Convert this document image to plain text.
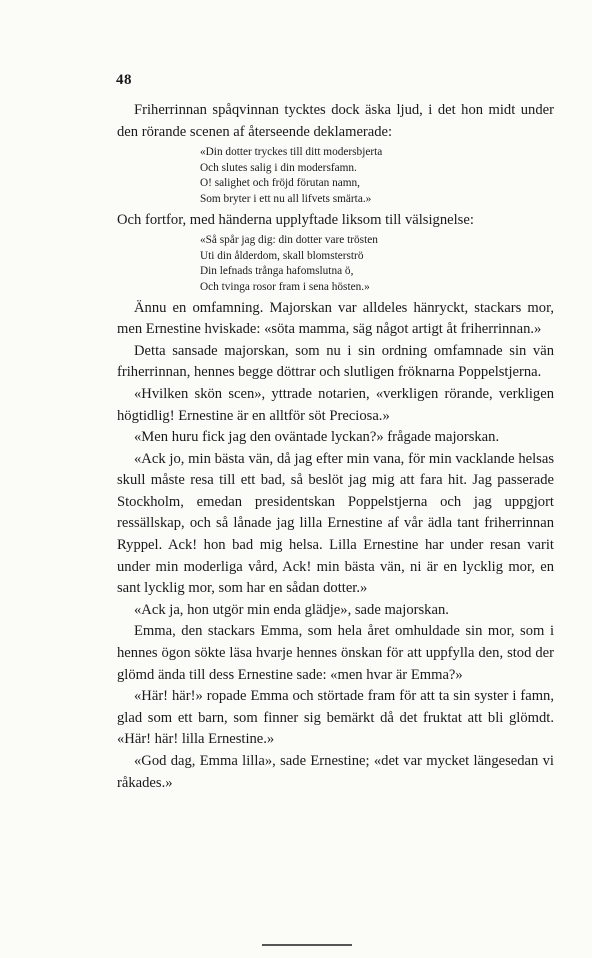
48

Friherrinnan spåqvinnan tycktes dock äska ljud, i det hon midt under den rörande scenen af återseende deklamerade:

«Din dotter tryckes till ditt modersbjerta
Och slutes salig i din modersfamn.
O! salighet och fröjd förutan namn,
Som bryter i ett nu all lifvets smärta.»

Och fortfor, med händerna upplyftade liksom till välsignelse:

«Så spår jag dig: din dotter vare trösten
Uti din ålderdom, skall blomsterströ
Din lefnads trånga hafomslutna ö,
Och tvinga rosor fram i sena hösten.»

Ännu en omfamning. Majorskan var alldeles hänryckt, stackars mor, men Ernestine hviskade: «söta mamma, säg något artigt åt friherrinnan.»

Detta sansade majorskan, som nu i sin ordning omfamnade sin vän friherrinnan, hennes begge döttrar och slutligen fröknarna Poppelstjerna.

«Hvilken skön scen», yttrade notarien, «verkligen rörande, verkligen högtidlig! Ernestine är en alltför söt Preciosa.»

«Men huru fick jag den oväntade lyckan?» frågade majorskan.

«Ack jo, min bästa vän, då jag efter min vana, för min vacklande helsas skull måste resa till ett bad, så beslöt jag mig att fara hit. Jag passerade Stockholm, emedan presidentskan Poppelstjerna och jag uppgjort ressällskap, och så lånade jag lilla Ernestine af vår ädla tant friherrinnan Ryppel. Ack! hon bad mig helsa. Lilla Ernestine har under resan varit under min moderliga vård, Ack! min bästa vän, ni är en lycklig mor, en sant lycklig mor, som har en sådan dotter.»

«Ack ja, hon utgör min enda glädje», sade majorskan.

Emma, den stackars Emma, som hela året omhuldade sin mor, som i hennes ögon sökte läsa hvarje hennes önskan för att uppfylla den, stod der glömd ända till dess Ernestine sade: «men hvar är Emma?»

«Här! här!» ropade Emma och störtade fram för att ta sin syster i famn, glad som ett barn, som finner sig bemärkt då det fruktat att bli glömdt. «Här! här! lilla Ernestine.»

«God dag, Emma lilla», sade Ernestine; «det var mycket längesedan vi råkades.»
